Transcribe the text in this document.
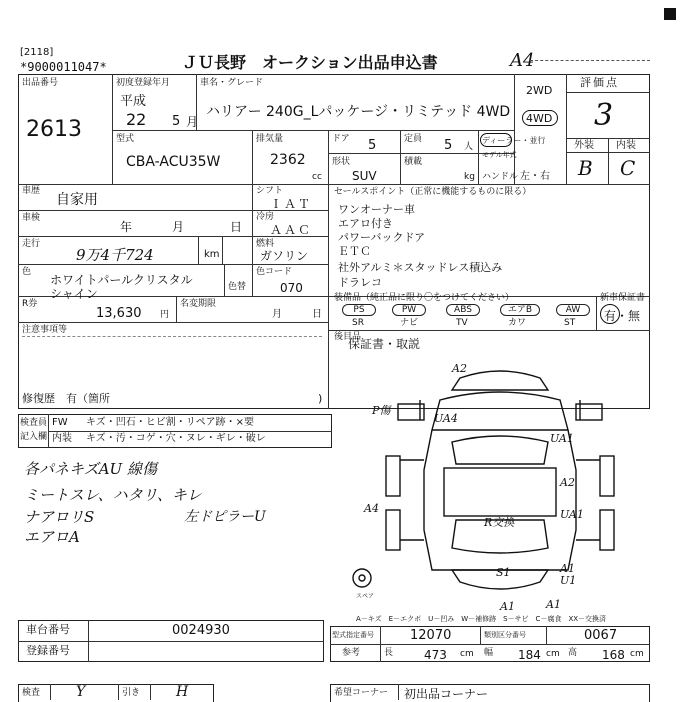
[2118]
*9000011047*	ＪＵ長野　オークション出品申込書	A4
出品番号
2613
初度登録年月
平成
22 5 月
車名・グレード
ハリアー 240G_Lパッケージ・リミテッド 4WD
2WD
4WD
評価点
3
外装 内装
B C
型式
CBA-ACU35W
排気量
2362
cc
ドア 5	定員 5 人
ディーラー・並行
モデル年式
形状
SUV
積載
kg ハンドル 左・右
車歴
自家用
車検
年	月	日
走行
9万4千724	km
色
ホワイトパールクリスタル
シャイン
シフト
ＩＡＴ
冷房
ＡＡＣ
燃料
ガソリン
色コード
070
色替
R券
13,630 円
名変期限
月	日
注意事項等
修復歴 有（箇所	)
セールスポイント（正常に機能するものに限る）
ワンオーナー車
エアロ付き
パワーバックドア
ＥＴＣ
社外アルミ＊スタッドレス積込み
ドラレコ
装備品（純正品に限り〇をつけてください）
PS	PW	ABS	エアB	AW
SR	ナビ	TV	カワ	ST
新車保証書
有・無
後目品
保証書・取説
検査員
記入欄
FW キズ・凹石・ヒビ割・リペア跡・×要
内装 キズ・汚・コゲ・穴・ヌレ・ギレ・破レ
各パネキズAU 線傷
ミートスレ、ハタリ、キレ
ナアロリS
エアロA
左ドピラーU
A2
P傷
UA4
UA1
A2
A4	UA1
R交換
S1	A1
U1
A1	A1
スペア
A－キズ　E－エクボ　U－凹み　W－補修跡　S－サビ　C－腐食　XX－交換済
車台番号	0024930
登録番号
型式指定番号	12070	類別区分番号	0067
参考	長	473 cm 幅 184 cm 高 168 cm
検査	Y	引き	H	希望コーナー 初出品コーナー
